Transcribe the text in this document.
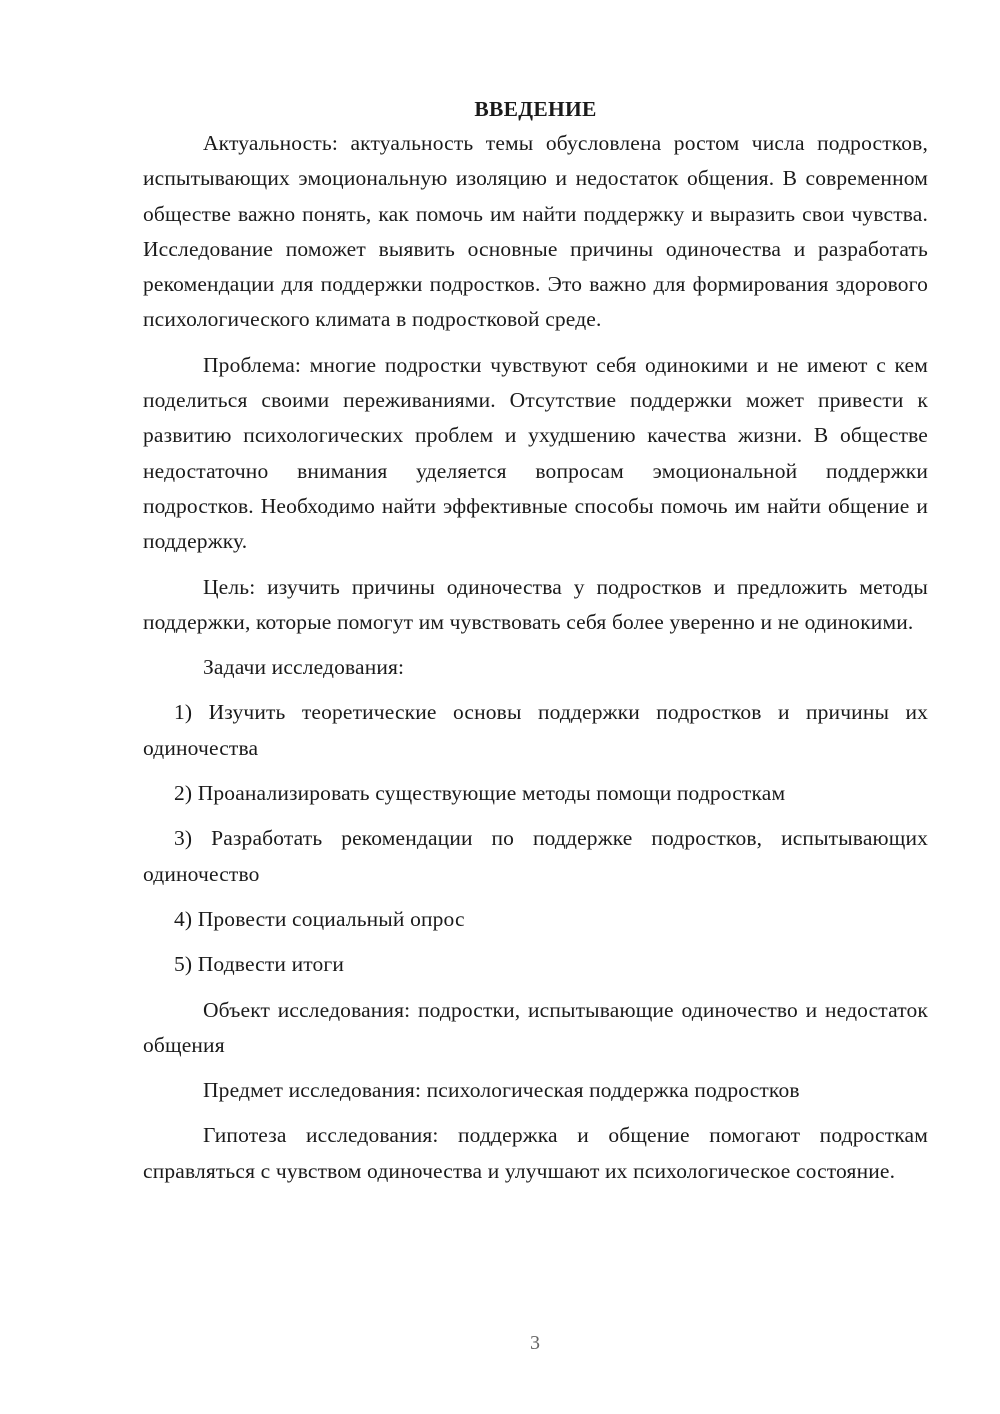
ВВЕДЕНИЕ

Актуальность: актуальность темы обусловлена ростом числа подростков, испытывающих эмоциональную изоляцию и недостаток общения. В современном обществе важно понять, как помочь им найти поддержку и выразить свои чувства. Исследование поможет выявить основные причины одиночества и разработать рекомендации для поддержки подростков. Это важно для формирования здорового психологического климата в подростковой среде.

Проблема: многие подростки чувствуют себя одинокими и не имеют с кем поделиться своими переживаниями. Отсутствие поддержки может привести к развитию психологических проблем и ухудшению качества жизни. В обществе недостаточно внимания уделяется вопросам эмоциональной поддержки подростков. Необходимо найти эффективные способы помочь им найти общение и поддержку.

Цель: изучить причины одиночества у подростков и предложить методы поддержки, которые помогут им чувствовать себя более уверенно и не одинокими.

Задачи исследования:

1) Изучить теоретические основы поддержки подростков и причины их одиночества

2) Проанализировать существующие методы помощи подросткам

3) Разработать рекомендации по поддержке подростков, испытывающих одиночество

4) Провести социальный опрос

5) Подвести итоги

Объект исследования: подростки, испытывающие одиночество и недостаток общения

Предмет исследования: психологическая поддержка подростков

Гипотеза исследования: поддержка и общение помогают подросткам справляться с чувством одиночества и улучшают их психологическое состояние.

3
